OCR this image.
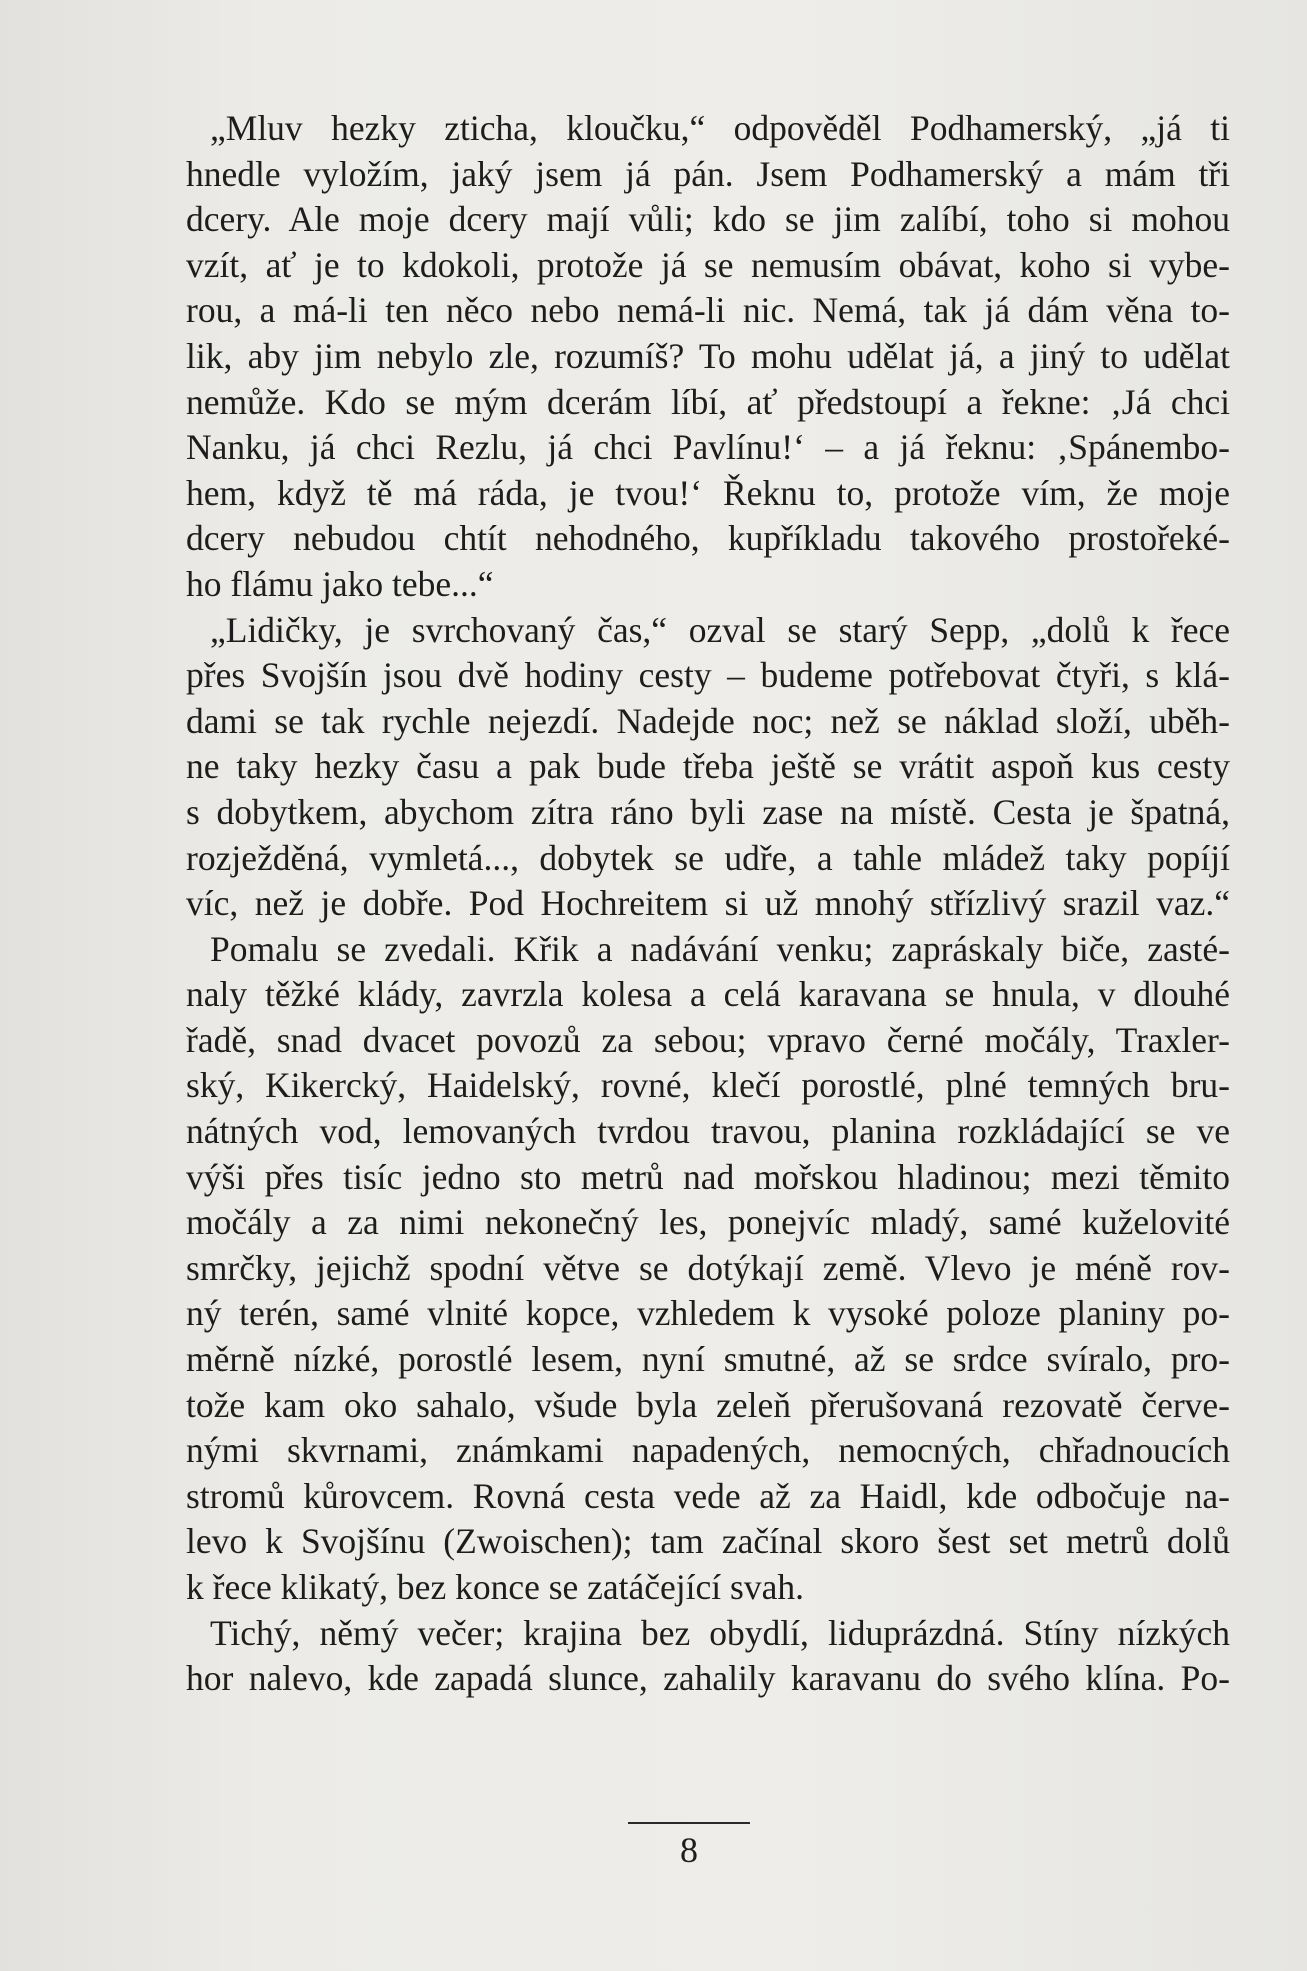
„Mluv hezky zticha, kloučku,“ odpověděl Podhamerský, „já ti
hnedle vyložím, jaký jsem já pán. Jsem Podhamerský a mám tři
dcery. Ale moje dcery mají vůli; kdo se jim zalíbí, toho si mohou
vzít, ať je to kdokoli, protože já se nemusím obávat, koho si vybe-
rou, a má-li ten něco nebo nemá-li nic. Nemá, tak já dám věna to-
lik, aby jim nebylo zle, rozumíš? To mohu udělat já, a jiný to udělat
nemůže. Kdo se mým dcerám líbí, ať předstoupí a řekne: ‚Já chci
Nanku, já chci Rezlu, já chci Pavlínu!‘ – a já řeknu: ‚Spánembo-
hem, když tě má ráda, je tvou!‘ Řeknu to, protože vím, že moje
dcery nebudou chtít nehodného, kupříkladu takového prostořeké-
ho flámu jako tebe...“
„Lidičky, je svrchovaný čas,“ ozval se starý Sepp, „dolů k řece
přes Svojšín jsou dvě hodiny cesty – budeme potřebovat čtyři, s klá-
dami se tak rychle nejezdí. Nadejde noc; než se náklad složí, uběh-
ne taky hezky času a pak bude třeba ještě se vrátit aspoň kus cesty
s dobytkem, abychom zítra ráno byli zase na místě. Cesta je špatná,
rozježděná, vymletá..., dobytek se udře, a tahle mládež taky popíjí
víc, než je dobře. Pod Hochreitem si už mnohý střízlivý srazil vaz.“
Pomalu se zvedali. Křik a nadávání venku; zapráskaly biče, zasté-
naly těžké klády, zavrzla kolesa a celá karavana se hnula, v dlouhé
řadě, snad dvacet povozů za sebou; vpravo černé močály, Traxler-
ský, Kikercký, Haidelský, rovné, klečí porostlé, plné temných bru-
nátných vod, lemovaných tvrdou travou, planina rozkládající se ve
výši přes tisíc jedno sto metrů nad mořskou hladinou; mezi těmito
močály a za nimi nekonečný les, ponejvíc mladý, samé kuželovité
smrčky, jejichž spodní větve se dotýkají země. Vlevo je méně rov-
ný terén, samé vlnité kopce, vzhledem k vysoké poloze planiny po-
měrně nízké, porostlé lesem, nyní smutné, až se srdce svíralo, pro-
tože kam oko sahalo, všude byla zeleň přerušovaná rezovatě červe-
nými skvrnami, známkami napadených, nemocných, chřadnoucích
stromů kůrovcem. Rovná cesta vede až za Haidl, kde odbočuje na-
levo k Svojšínu (Zwoischen); tam začínal skoro šest set metrů dolů
k řece klikatý, bez konce se zatáčející svah.
Tichý, němý večer; krajina bez obydlí, liduprázdná. Stíny nízkých
hor nalevo, kde zapadá slunce, zahalily karavanu do svého klína. Po-
8
